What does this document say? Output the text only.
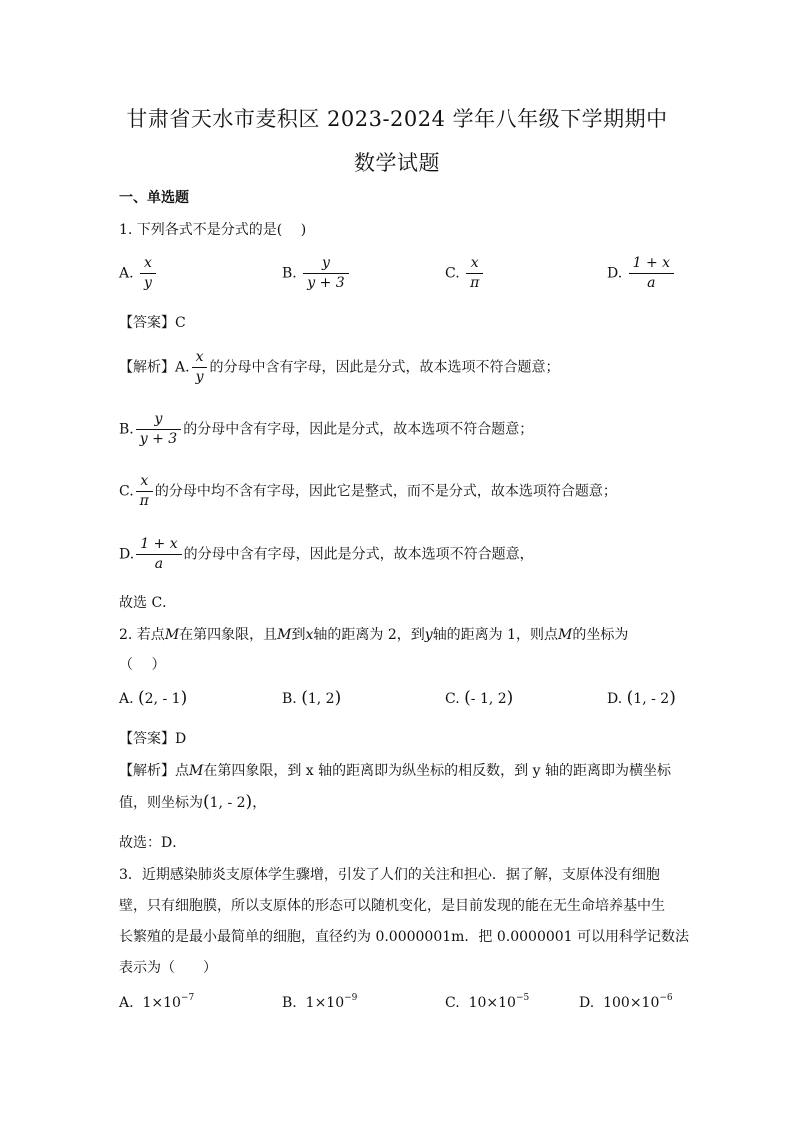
甘肃省天水市麦积区 2023-2024 学年八年级下学期期中
数学试题
一、单选题
1. 下列各式不是分式的是(　 )
A. $\frac{x}{y}$	B. $\frac{y}{y + 3}$	C. $\frac{x}{\pi}$	D. $\frac{1 + x}{a}$
【答案】C
【解析】A. $\frac{x}{y}$ 的分母中含有字母，因此是分式，故本选项不符合题意；
B. $\frac{y}{y + 3}$ 的分母中含有字母，因此是分式，故本选项不符合题意；
C. $\frac{x}{\pi}$ 的分母中均不含有字母，因此它是整式，而不是分式，故本选项符合题意；
D. $\frac{1 + x}{a}$ 的分母中含有字母，因此是分式，故本选项不符合题意，
故选 C．
2. 若点M在第四象限，且M到x轴的距离为 2，到y轴的距离为 1，则点M的坐标为
（　 ）
A. (2, - 1)	B. (1, 2)	C. (- 1, 2)	D. (1, - 2)
【答案】D
【解析】点M在第四象限，到 x 轴的距离即为纵坐标的相反数，到 y 轴的距离即为横坐标
值，则坐标为(1, - 2)，
故选：D．
3．近期感染肺炎支原体学生骤增，引发了人们的关注和担心．据了解，支原体没有细胞
壁，只有细胞膜，所以支原体的形态可以随机变化，是目前发现的能在无生命培养基中生
长繁殖的是最小最简单的细胞，直径约为 0.0000001m．把 0.0000001 可以用科学记数法
表示为（　　）
A. $1\times 10^{-7}$	B. $1\times 10^{-9}$	C. $10\times 10^{-5}$	D. $100\times 10^{-6}$
